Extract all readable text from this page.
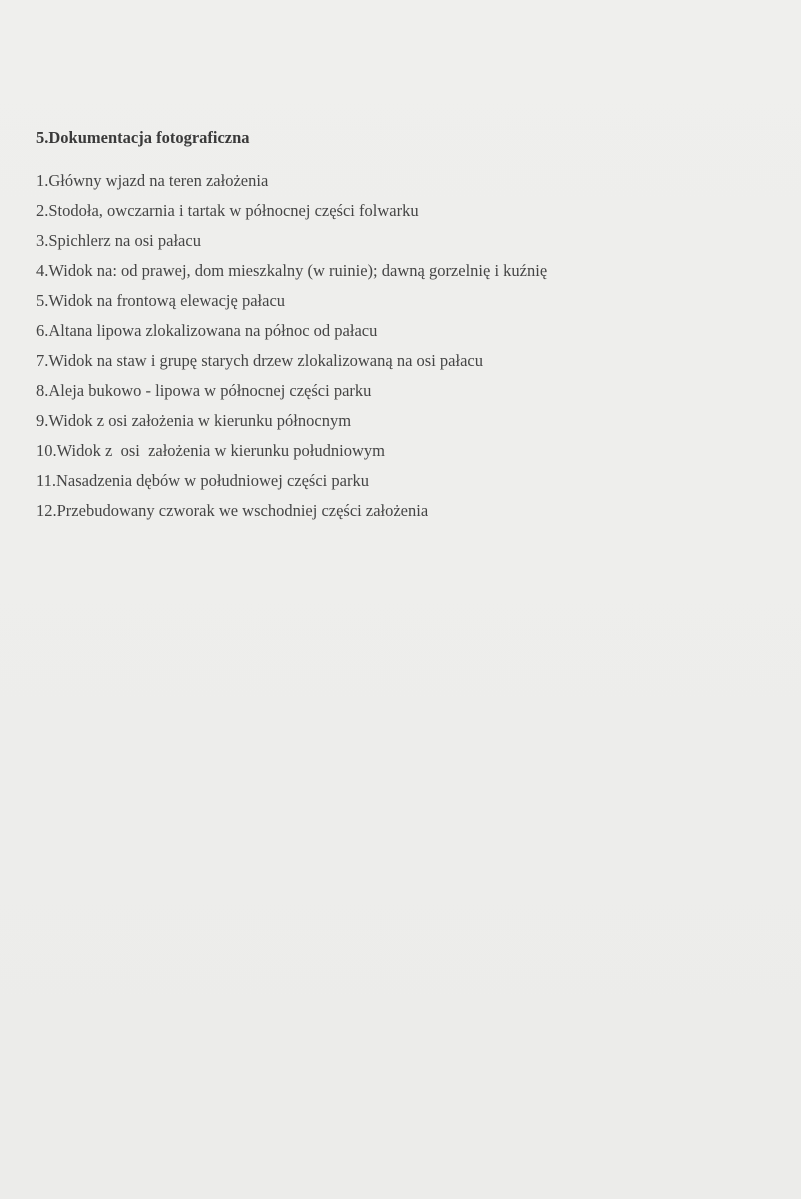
5.Dokumentacja fotograficzna
1.Główny wjazd na teren założenia
2.Stodoła, owczarnia i tartak w północnej części folwarku
3.Spichlerz na osi pałacu
4.Widok na: od prawej, dom mieszkalny (w ruinie); dawną gorzelnię i kuźnię
5.Widok na frontową elewację pałacu
6.Altana lipowa zlokalizowana na północ od pałacu
7.Widok na staw i grupę starych drzew zlokalizowaną na osi pałacu
8.Aleja bukowo - lipowa w północnej części parku
9.Widok z osi założenia w kierunku północnym
10.Widok z  osi  założenia w kierunku południowym
11.Nasadzenia dębów w południowej części parku
12.Przebudowany czworak we wschodniej części założenia
